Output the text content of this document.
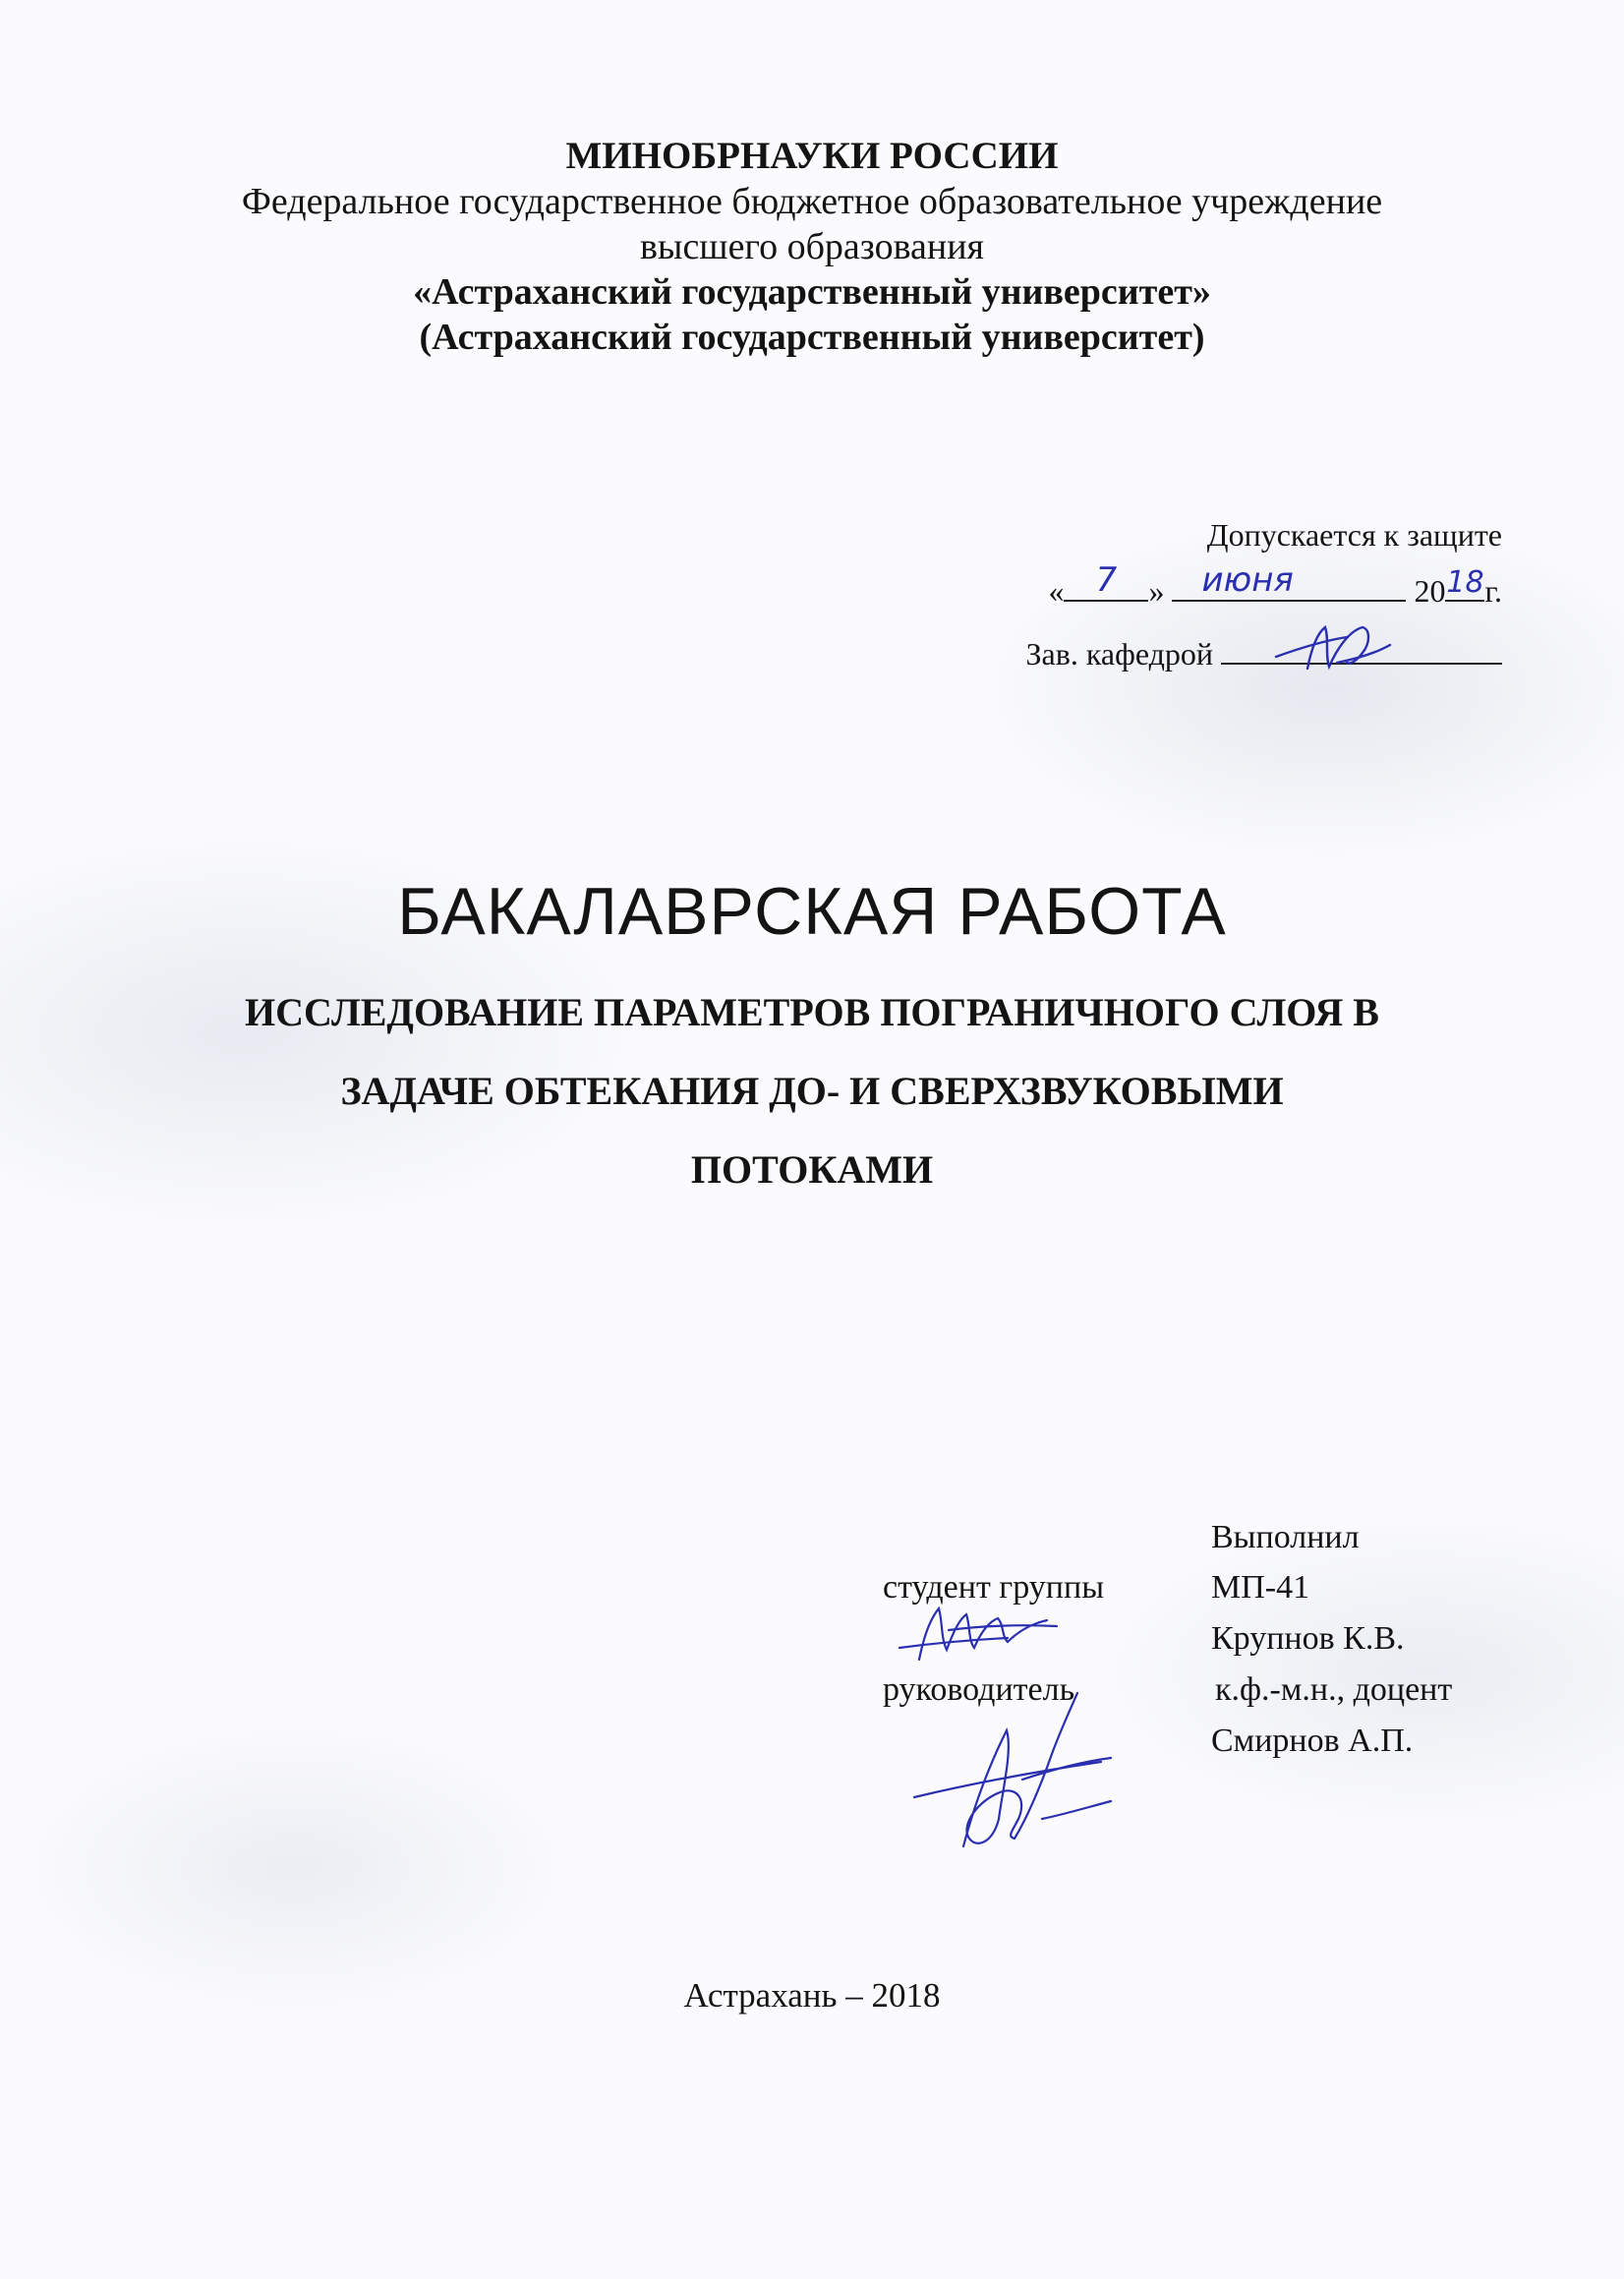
МИНОБРНАУКИ РОССИИ
Федеральное государственное бюджетное образовательное учреждение
высшего образования
«Астраханский государственный университет»
(Астраханский государственный университет)
Допускается к защите
« 7	»	июня	20 18 г.
Зав. кафедрой
БАКАЛАВРСКАЯ РАБОТА
ИССЛЕДОВАНИЕ ПАРАМЕТРОВ ПОГРАНИЧНОГО СЛОЯ В
ЗАДАЧЕ ОБТЕКАНИЯ ДО- И СВЕРХЗВУКОВЫМИ
ПОТОКАМИ
Выполнил
студент группы	МП-41
Крупнов К.В.
руководитель	к.ф.-м.н., доцент
Смирнов А.П.
Астрахань – 2018
